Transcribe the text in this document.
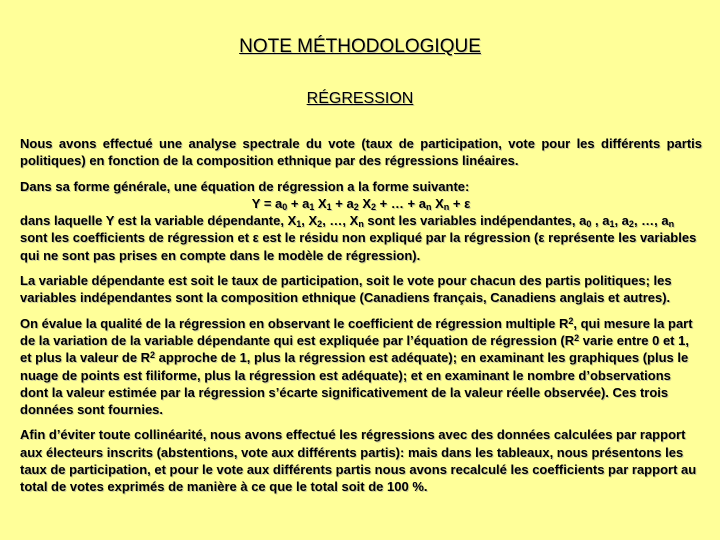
NOTE MÉTHODOLOGIQUE
RÉGRESSION

Nous avons effectué une analyse spectrale du vote (taux de participation, vote pour les différents partis politiques) en fonction de la composition ethnique par des régressions linéaires.

Dans sa forme générale, une équation de régression a la forme suivante:
$Y = a_0 + a_1$ $X_1 + a_2$ $X_2$ + … + $a_n$ $X_n + \varepsilon$
dans laquelle Y est la variable dépendante, $X_1$, $X_2$, …, $X_n$ sont les variables indépendantes, $a_0$ , $a_1$, $a_2$, …, $a_n$ sont les coefficients de régression et ε est le résidu non expliqué par la régression (ε représente les variables qui ne sont pas prises en compte dans le modèle de régression).

La variable dépendante est soit le taux de participation, soit le vote pour chacun des partis politiques; les variables indépendantes sont la composition ethnique (Canadiens français, Canadiens anglais et autres).

On évalue la qualité de la régression en observant le coefficient de régression multiple $R^2$, qui mesure la part de la variation de la variable dépendante qui est expliquée par l’équation de régression ($R^2$ varie entre 0 et 1, et plus la valeur de $R^2$ approche de 1, plus la régression est adéquate); en examinant les graphiques (plus le nuage de points est filiforme, plus la régression est adéquate); et en examinant le nombre d’observations dont la valeur estimée par la régression s’écarte significativement de la valeur réelle observée). Ces trois données sont fournies.

Afin d’éviter toute collinéarité, nous avons effectué les régressions avec des données calculées par rapport aux électeurs inscrits (abstentions, vote aux différents partis): mais dans les tableaux, nous présentons les taux de participation, et pour le vote aux différents partis nous avons recalculé les coefficients par rapport au total de votes exprimés de manière à ce que le total soit de 100 %.
